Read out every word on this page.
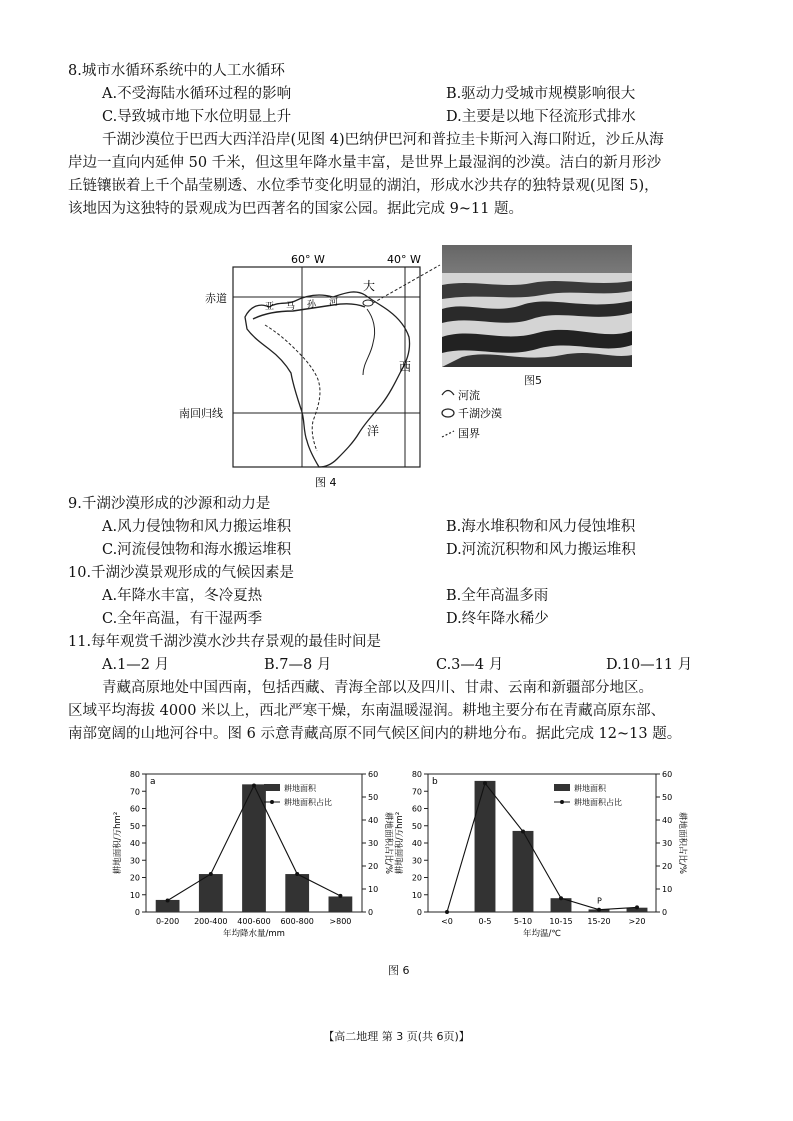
8.城市水循环系统中的人工水循环
A.不受海陆水循环过程的影响	B.驱动力受城市规模影响很大
C.导致城市地下水位明显上升	D.主要是以地下径流形式排水
千湖沙漠位于巴西大西洋沿岸(见图 4)巴纳伊巴河和普拉圭卡斯河入海口附近，沙丘从海
岸边一直向内延伸 50 千米，但这里年降水量丰富，是世界上最湿润的沙漠。洁白的新月形沙
丘链镶嵌着上千个晶莹剔透、水位季节变化明显的湖泊，形成水沙共存的独特景观(见图 5)，
该地因为这独特的景观成为巴西著名的国家公园。据此完成 9~11 题。
60° W	40° W
赤道
南回归线
大
西
洋
亚 马 孙 河
图 4
图5
河流
千湖沙漠
国界
9.千湖沙漠形成的沙源和动力是
A.风力侵蚀物和风力搬运堆积	B.海水堆积物和风力侵蚀堆积
C.河流侵蚀物和海水搬运堆积	D.河流沉积物和风力搬运堆积
10.千湖沙漠景观形成的气候因素是
A.年降水丰富，冬冷夏热	B.全年高温多雨
C.全年高温，有干湿两季	D.终年降水稀少
11.每年观赏千湖沙漠水沙共存景观的最佳时间是
A.1—2 月	B.7—8 月	C.3—4 月	D.10—11 月
青藏高原地处中国西南，包括西藏、青海全部以及四川、甘肃、云南和新疆部分地区。
区域平均海拔 4000 米以上，西北严寒干燥，东南温暖湿润。耕地主要分布在青藏高原东部、
南部宽阔的山地河谷中。图 6 示意青藏高原不同气候区间内的耕地分布。据此完成 12~13 题。
0
10
20
30
40
50
60
70
80
0
10
20
30
40
50
60
a
0-200 200-400 400-600 600-800 >800
年均降水量/mm
耕地面积/万hm²	耕地面积占比/%
耕地面积
耕地面积占比
0
10
20
30
40
50
60
70
80
0
10
20
30
40
50
60
b
<0	0-5	5-10 10-15 15-20 >20
年均温/℃
耕地面积/万hm²	耕地面积占比/%
耕地面积
耕地面积占比
P
图 6
【高二地理 第 3 页(共 6页)】
